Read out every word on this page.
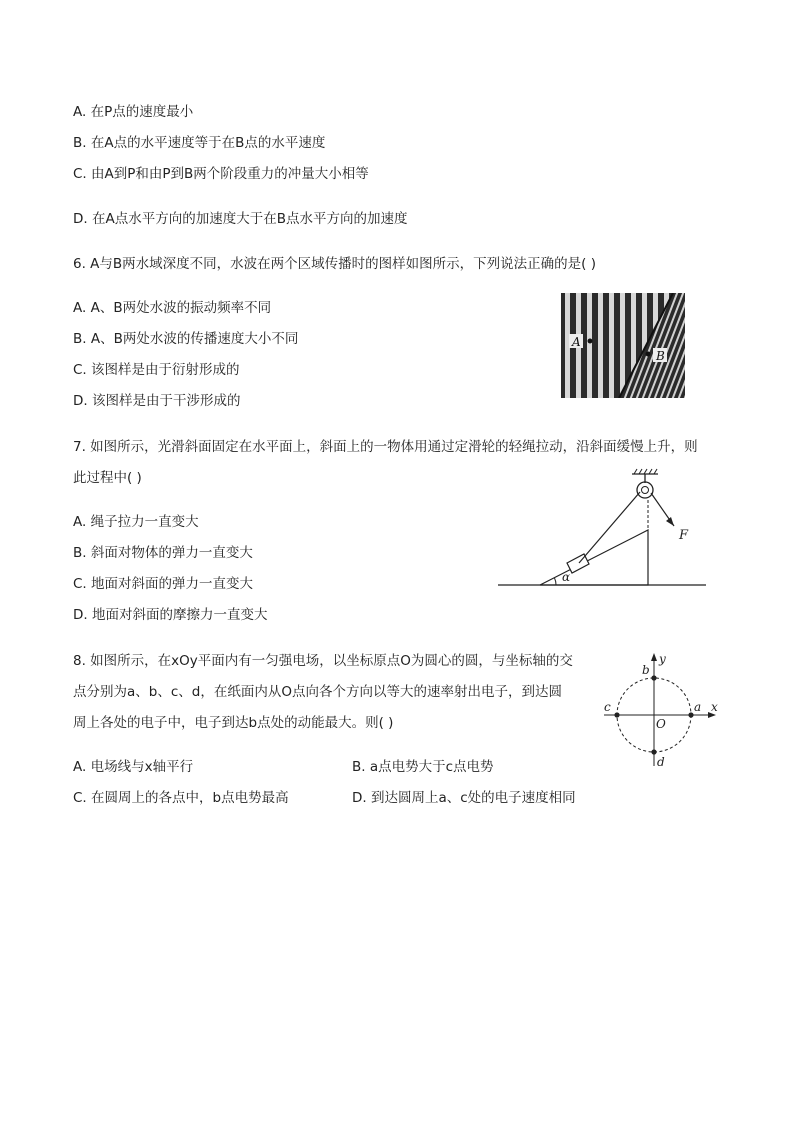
A. 在P点的速度最小
B. 在A点的水平速度等于在B点的水平速度
C. 由A到P和由P到B两个阶段重力的冲量大小相等
D. 在A点水平方向的加速度大于在B点水平方向的加速度
6. A与B两水域深度不同，水波在两个区域传播时的图样如图所示，下列说法正确的是( )
A. A、B两处水波的振动频率不同
B. A、B两处水波的传播速度大小不同
C. 该图样是由于衍射形成的
D. 该图样是由于干涉形成的
A
B
7. 如图所示，光滑斜面固定在水平面上，斜面上的一物体用通过定滑轮的轻绳拉动，沿斜面缓慢上升，则
此过程中( )
A. 绳子拉力一直变大
B. 斜面对物体的弹力一直变大
C. 地面对斜面的弹力一直变大
D. 地面对斜面的摩擦力一直变大
F
α
8. 如图所示，在xOy平面内有一匀强电场，以坐标原点O为圆心的圆，与坐标轴的交
点分别为a、b、c、d，在纸面内从O点向各个方向以等大的速率射出电子，到达圆
周上各处的电子中，电子到达b点处的动能最大。则( )
A. 电场线与x轴平行	B. a点电势大于c点电势
C. 在圆周上的各点中，b点电势最高	D. 到达圆周上a、c处的电子速度相同
x
y
O
a
b
c
d
